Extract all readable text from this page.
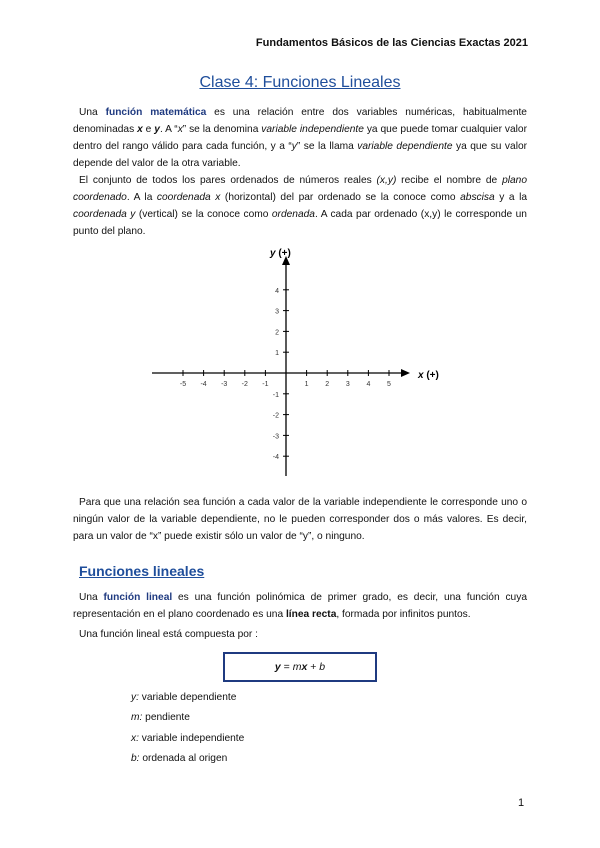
Fundamentos Básicos de las Ciencias Exactas 2021
Clase 4: Funciones Lineales
Una función matemática es una relación entre dos variables numéricas, habitualmente denominadas x e y. A “x” se la denomina variable independiente ya que puede tomar cualquier valor dentro del rango válido para cada función, y a “y” se la llama variable dependiente ya que su valor depende del valor de la otra variable.
El conjunto de todos los pares ordenados de números reales (x,y) recibe el nombre de plano coordenado. A la coordenada x (horizontal) del par ordenado se la conoce como abscisa y a la coordenada y (vertical) se la conoce como ordenada. A cada par ordenado (x,y) le corresponde un punto del plano.
-5 -4 -3 -2 -1	1 2 3 4 5
4
3
2
1
-1
-2
-3
-4
x (+)
y (+)
Para que una relación sea función a cada valor de la variable independiente le corresponde uno o ningún valor de la variable dependiente, no le pueden corresponder dos o más valores. Es decir, para un valor de “x” puede existir sólo un valor de “y”, o ninguno.
Funciones lineales
Una función lineal es una función polinómica de primer grado, es decir, una función cuya representación en el plano coordenado es una línea recta, formada por infinitos puntos.
Una función lineal está compuesta por :
y = mx + b
y: variable dependiente
m: pendiente
x: variable independiente
b: ordenada al origen
1
